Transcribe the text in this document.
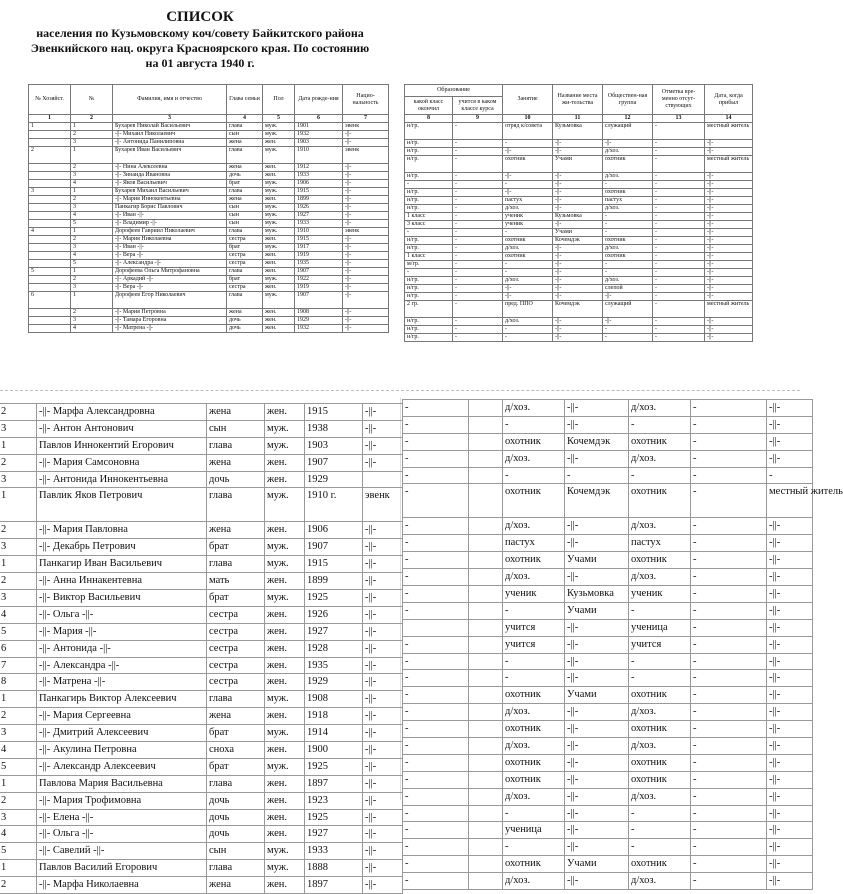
СПИСОК
населения по Кузьмовскому коч/совету Байкитского района
Эвенкийского нац. округа Красноярского края. По состоянию
на 01 августа 1940 г.
№ Хозяйст.	№	Фамилия, имя и отчество	Глава семьи	Пол	Дата рожде-ния	Нацио-нальность
1	2	3	4	5	6	7
1	1	Бухарев Николай Васильевич	глава	муж.	1901	эвенк
	2	-||- Михаил Николаевич	сын	муж.	1932	-||-
	3	-||- Антонида Панилиповна	жена	жен.	1903	-||-
2	1	Бухарев Иван Васильевич	глава	муж.	1910	эвенк
	2	-||- Нина Алексеевна	жена	жен.	1912	-||-
	3	-||- Зинаида Ивановна	дочь	жен.	1933	-||-
	4	-||- Яков Васильевич	брат	муж.	1906	-||-
3	1	Бухарев Михаил Васильевич	глава	муж.	1915	-||-
	2	-||- Мария Иннокентьевна	жена	жен.	1899	-||-
	3	Панкагир Борис Павлович	сын	муж.	1926	-||-
	4	-||- Иван -||-	сын	муж.	1927	-||-
	5	-||- Владимир -||-	сын	муж.	1933	-||-
4	1	Дорофеев Гавриил Николаевич	глава	муж.	1910	эвенк
	2	-||- Мария Николаевна	сестра	жен.	1915	-||-
	3	-||- Иван -||-	брат	муж.	1917	-||-
	4	-||- Вера -||-	сестра	жен.	1919	-||-
	5	-||- Александра -||-	сестра	жен.	1935	-||-
5	1	Дорофеева Ольга Митрофановна	глава	жен.	1907	-||-
	2	-||- Аркадий -||-	брат	муж.	1922	-||-
	3	-||- Вера -||-	сестра	жен.	1919	-||-
6	1	Дорофеев Егор Николаевич	глава	муж.	1907	-||-
	2	-||- Мария Петровна	жена	жен.	1908	-||-
	3	-||- Тамара Егоровна	дочь	жен.	1929	-||-
	4	-||- Матрена -||-	дочь	жен.	1932	-||-
Образование		Занятие	Название места жи-тельства	Обществен-ная группа	Отметка вре-менно отсут-ствующих	Дата, когда прибыл
какой класс окончил	учится в каком классе курса					
8	9	10	11	12	13	14
н/гр.	-	отряд к/совета	Кузьмовка	служащий	-	местный житель
н/гр.	-	-	-||-	-||-	-	-||-
н/гр.	-	-||-	-||-	д/хоз.	-	-||-
н/гр.	-	охотник	Учами	охотник	-	местный житель
н/гр.	-	-||-	-||-	д/хоз.	-	-||-
-	-	-	-||-	-	-	-||-
н/гр.	-	-||-	-||-	охотник	-	-||-
н/гр.	-	пастух	-||-	пастух	-	-||-
н/гр.	-	д/хоз.	-||-	д/хоз.	-	-||-
1 класс	-	ученик	Кузьмовка	-	-	-||-
3 класс	-	ученик	-||-	-	-	-||-
-	-	-	Учами	-	-	-||-
н/гр.	-	охотник	Кочемдэк	охотник	-	-||-
н/гр.	-	д/хоз.	-||-	д/хоз.	-	-||-
1 класс	-	охотник	-||-	охотник	-	-||-
м/гр.	-	-	-||-	-	-	-||-
-	-	-	-||-	-	-	-||-
н/гр.	-	д/хоз.	-||-	д/хоз.	-	-||-
н/гр.	-	-||-	-||-	слепой	-	-||-
н/гр.	-	-||-	-||-	-||-	-	-||-
2 гр.	-	пред. ППО	Кочемдэк	служащий	-	местный житель
н/гр.	-	д/хоз.	-||-	-||-	-	-||-
н/гр.	-	-	-||-	-	-	-||-
н/гр.	-	-	-||-	-	-	-||-
2	-||- Марфа Александровна	жена	жен.	1915	-||-
3	-||- Антон Антонович	сын	муж.	1938	-||-
1	Павлов Иннокентий Егорович	глава	муж.	1903	-||-
2	-||- Мария Самсоновна	жена	жен.	1907	-||-
3	-||- Антонида Иннокентьевна	дочь	жен.	1929	
1	Павлик Яков Петрович	глава	муж.	1910 г.	эвенк
2	-||- Мария Павловна	жена	жен.	1906	-||-
3	-||- Декабрь Петрович	брат	муж.	1907	-||-
1	Панкагир Иван Васильевич	глава	муж.	1915	-||-
2	-||- Анна Иннакентевна	мать	жен.	1899	-||-
3	-||- Виктор Васильевич	брат	муж.	1925	-||-
4	-||- Ольга -||-	сестра	жен.	1926	-||-
5	-||- Мария -||-	сестра	жен.	1927	-||-
6	-||- Антонида -||-	сестра	жен.	1928	-||-
7	-||- Александра -||-	сестра	жен.	1935	-||-
8	-||- Матрена -||-	сестра	жен.	1929	-||-
1	Панкагирь Виктор Алексеевич	глава	муж.	1908	-||-
2	-||- Мария Сергеевна	жена	жен.	1918	-||-
3	-||- Дмитрий Алексеевич	брат	муж.	1914	-||-
4	-||- Акулина Петровна	сноха	жен.	1900	-||-
5	-||- Александр Алексеевич	брат	муж.	1925	-||-
1	Павлова Мария Васильевна	глава	жен.	1897	-||-
2	-||- Мария Трофимовна	дочь	жен.	1923	-||-
3	-||- Елена -||-	дочь	жен.	1925	-||-
4	-||- Ольга -||-	дочь	жен.	1927	-||-
5	-||- Савелий -||-	сын	муж.	1933	-||-
1	Павлов Василий Егорович	глава	муж.	1888	-||-
2	-||- Марфа Николаевна	жена	жен.	1897	-||-
-		д/хоз.	-||-	д/хоз.	-	-||-
-		-	-||-	-	-	-||-
-		охотник	Кочемдэк	охотник	-	-||-
-		д/хоз.	-||-	д/хоз.	-	-||-
-		-	-	-	-	-
-		охотник	Кочемдэк	охотник	-	местный житель
-		д/хоз.	-||-	д/хоз.	-	-||-
-		пастух	-||-	пастух	-	-||-
-		охотник	Учами	охотник	-	-||-
-		д/хоз.	-||-	д/хоз.	-	-||-
-		ученик	Кузьмовка	ученик	-	-||-
-		-	Учами	-	-	-||-
		учится	-||-	ученица	-	-||-
-		учится	-||-	учится	-	-||-
-		-	-||-	-	-	-||-
-		-	-||-	-	-	-||-
-		охотник	Учами	охотник	-	-||-
-		д/хоз.	-||-	д/хоз.	-	-||-
-		охотник	-||-	охотник	-	-||-
-		д/хоз.	-||-	д/хоз.	-	-||-
-		охотник	-||-	охотник	-	-||-
-		охотник	-||-	охотник	-	-||-
-		д/хоз.	-||-	д/хоз.	-	-||-
-		-	-||-	-	-	-||-
-		ученица	-||-	-	-	-||-
-		-	-||-	-	-	-||-
-		охотник	Учами	охотник	-	-||-
-		д/хоз.	-||-	д/хоз.	-	-||-
